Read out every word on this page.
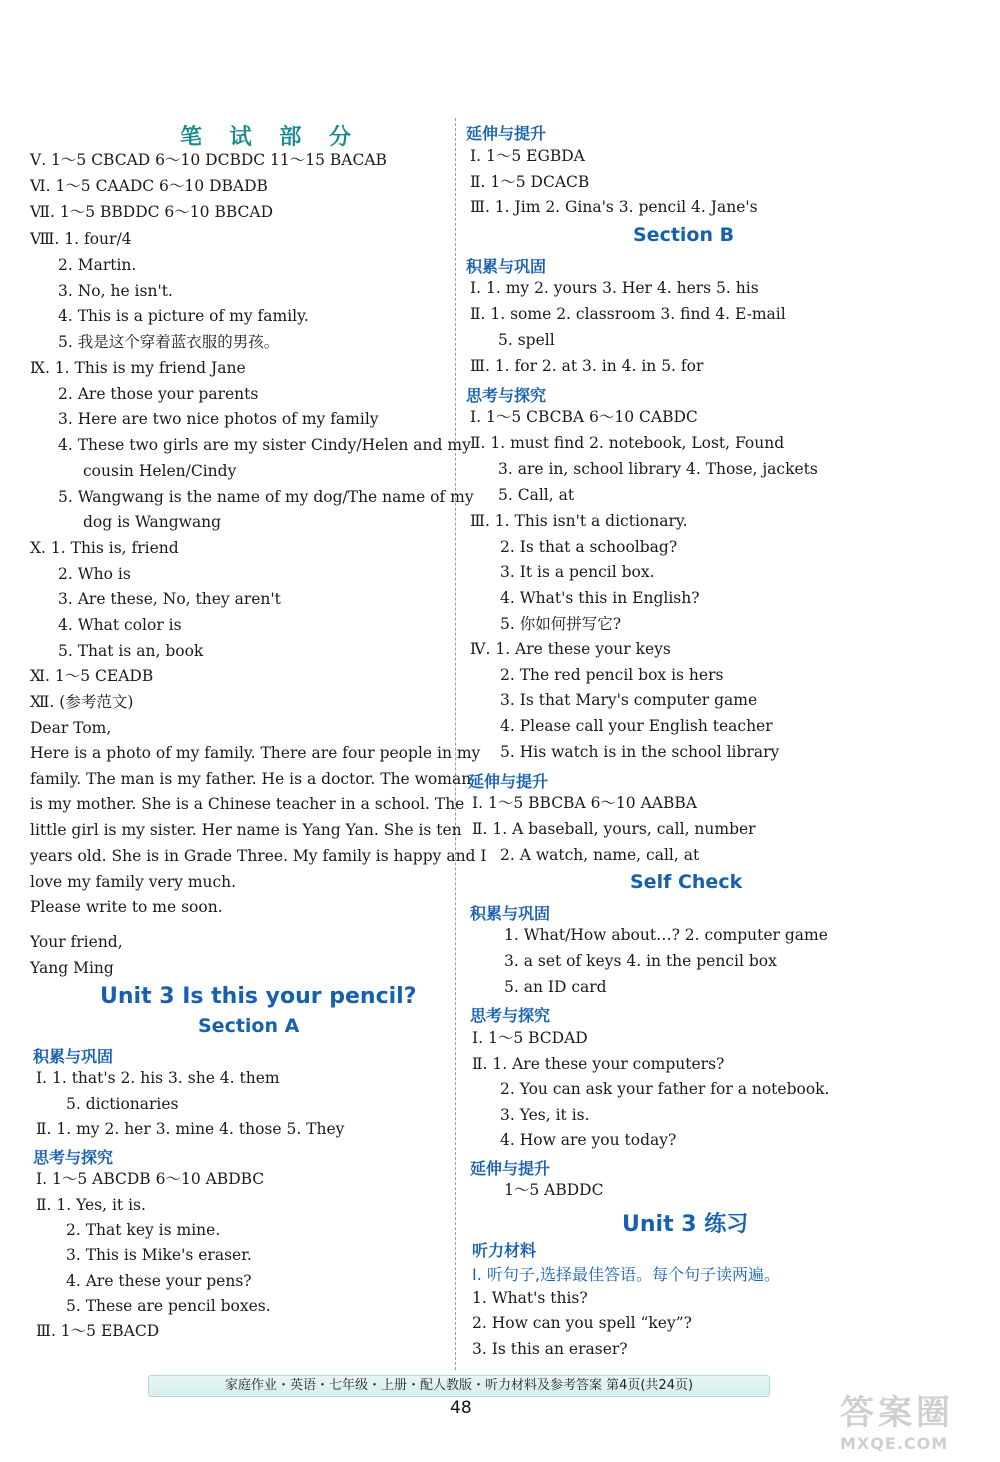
笔 试 部 分
Ⅴ. 1～5 CBCAD 6～10 DCBDC 11～15 BACAB
Ⅵ. 1～5 CAADC 6～10 DBADB
Ⅶ. 1～5 BBDDC 6～10 BBCAD
Ⅷ. 1. four/4
2. Martin.
3. No, he isn't.
4. This is a picture of my family.
5. 我是这个穿着蓝衣服的男孩。
Ⅸ. 1. This is my friend Jane
2. Are those your parents
3. Here are two nice photos of my family
4. These two girls are my sister Cindy/Helen and my
cousin Helen/Cindy
5. Wangwang is the name of my dog/The name of my
dog is Wangwang
Ⅹ. 1. This is, friend
2. Who is
3. Are these, No, they aren't
4. What color is
5. That is an, book
Ⅺ. 1～5 CEADB
Ⅻ. (参考范文)
Dear Tom,
Here is a photo of my family. There are four people in my
family. The man is my father. He is a doctor. The woman
is my mother. She is a Chinese teacher in a school. The
little girl is my sister. Her name is Yang Yan. She is ten
years old. She is in Grade Three. My family is happy and I
love my family very much.
Please write to me soon.
Your friend,
Yang Ming
Ⅰ. 1. that's 2. his 3. she 4. them
5. dictionaries
Ⅱ. 1. my 2. her 3. mine 4. those 5. They
Ⅰ. 1～5 ABCDB 6～10 ABDBC
Ⅱ. 1. Yes, it is.
2. That key is mine.
3. This is Mike's eraser.
4. Are these your pens?
5. These are pencil boxes.
Ⅲ. 1～5 EBACD
Unit 3 Is this your pencil?
Section A
积累与巩固
思考与探究
延伸与提升
Section B
积累与巩固
思考与探究
延伸与提升
Self Check
积累与巩固
思考与探究
延伸与提升
Unit 3 练习
听力材料
Ⅰ. 听句子,选择最佳答语。每个句子读两遍。
Ⅰ. 1～5 EGBDA
Ⅱ. 1～5 DCACB
Ⅲ. 1. Jim 2. Gina's 3. pencil 4. Jane's
Ⅰ. 1. my 2. yours 3. Her 4. hers 5. his
Ⅱ. 1. some 2. classroom 3. find 4. E-mail
5. spell
Ⅲ. 1. for 2. at 3. in 4. in 5. for
Ⅰ. 1～5 CBCBA 6～10 CABDC
Ⅱ. 1. must find 2. notebook, Lost, Found
3. are in, school library 4. Those, jackets
5. Call, at
Ⅲ. 1. This isn't a dictionary.
2. Is that a schoolbag?
3. It is a pencil box.
4. What's this in English?
5. 你如何拼写它?
Ⅳ. 1. Are these your keys
2. The red pencil box is hers
3. Is that Mary's computer game
4. Please call your English teacher
5. His watch is in the school library
Ⅰ. 1～5 BBCBA 6～10 AABBA
Ⅱ. 1. A baseball, yours, call, number
2. A watch, name, call, at
1. What/How about…? 2. computer game
3. a set of keys 4. in the pencil box
5. an ID card
Ⅰ. 1～5 BCDAD
Ⅱ. 1. Are these your computers?
2. You can ask your father for a notebook.
3. Yes, it is.
4. How are you today?
1～5 ABDDC
1. What's this?
2. How can you spell “key”?
3. Is this an eraser?
家庭作业・英语・七年级・上册・配人教版・听力材料及参考答案 第4页(共24页)
48	答案圈
MXQE.COM
